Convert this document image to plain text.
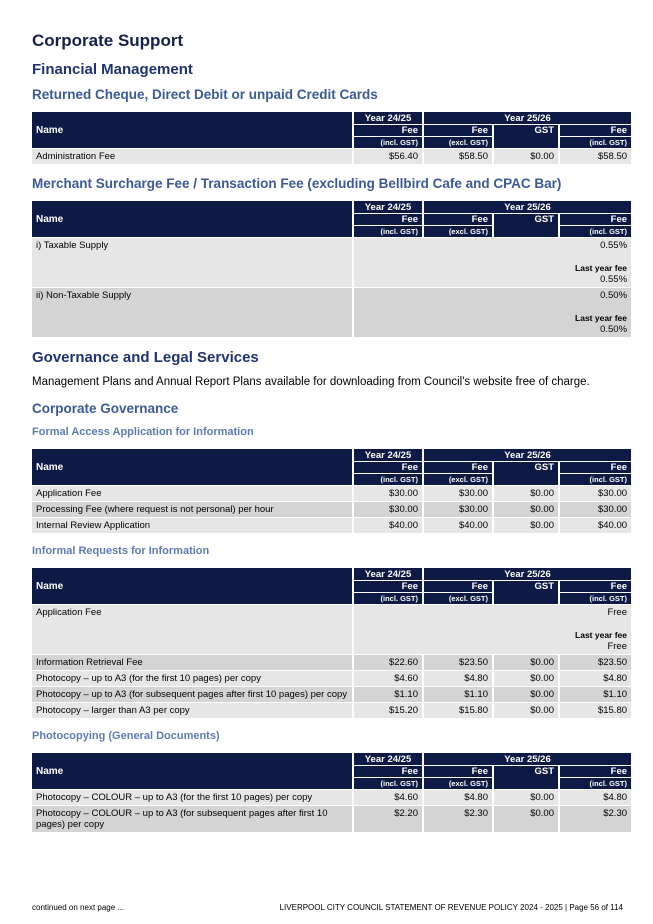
Corporate Support
Financial Management
Returned Cheque, Direct Debit or unpaid Credit Cards
Name	Year 24/25	Year 25/26		
	Fee	Fee	GST	Fee
	(incl. GST)	(excl. GST)		(incl. GST)
Administration Fee	$56.40	$58.50	$0.00	$58.50
Merchant Surcharge Fee / Transaction Fee (excluding Bellbird Cafe and CPAC Bar)
Name	Year 24/25	Year 25/26		
	Fee	Fee	GST	Fee
	(incl. GST)	(excl. GST)		(incl. GST)
i) Taxable Supply	0.55%
Last year fee
0.55%			

ii) Non-Taxable Supply	0.50%
Last year fee
0.50%			
Governance and Legal Services
Management Plans and Annual Report Plans available for downloading from Council's website free of charge.
Corporate Governance
Formal Access Application for Information
Name	Year 24/25	Year 25/26		
	Fee	Fee	GST	Fee
	(incl. GST)	(excl. GST)		(incl. GST)
Application Fee	$30.00	$30.00	$0.00	$30.00
Processing Fee (where request is not personal) per hour	$30.00	$30.00	$0.00	$30.00
Internal Review Application	$40.00	$40.00	$0.00	$40.00
Informal Requests for Information
Name	Year 24/25	Year 25/26		
	Fee	Fee	GST	Fee
	(incl. GST)	(excl. GST)		(incl. GST)
Application Fee	Free
Last year fee
Free			

Information Retrieval Fee	$22.60	$23.50	$0.00	$23.50
Photocopy – up to A3 (for the first 10 pages) per copy	$4.60	$4.80	$0.00	$4.80
Photocopy – up to A3 (for subsequent pages after first 10 pages) per copy	$1.10	$1.10	$0.00	$1.10
Photocopy – larger than A3 per copy	$15.20	$15.80	$0.00	$15.80
Photocopying (General Documents)
Name	Year 24/25	Year 25/26		
	Fee	Fee	GST	Fee
	(incl. GST)	(excl. GST)		(incl. GST)
Photocopy – COLOUR – up to A3 (for the first 10 pages) per copy	$4.60	$4.80	$0.00	$4.80
Photocopy – COLOUR – up to A3 (for subsequent pages after first 10 pages) per copy	$2.20	$2.30	$0.00	$2.30
continued on next page ...	LIVERPOOL CITY COUNCIL STATEMENT OF REVENUE POLICY 2024 - 2025 | Page 56 of 114
